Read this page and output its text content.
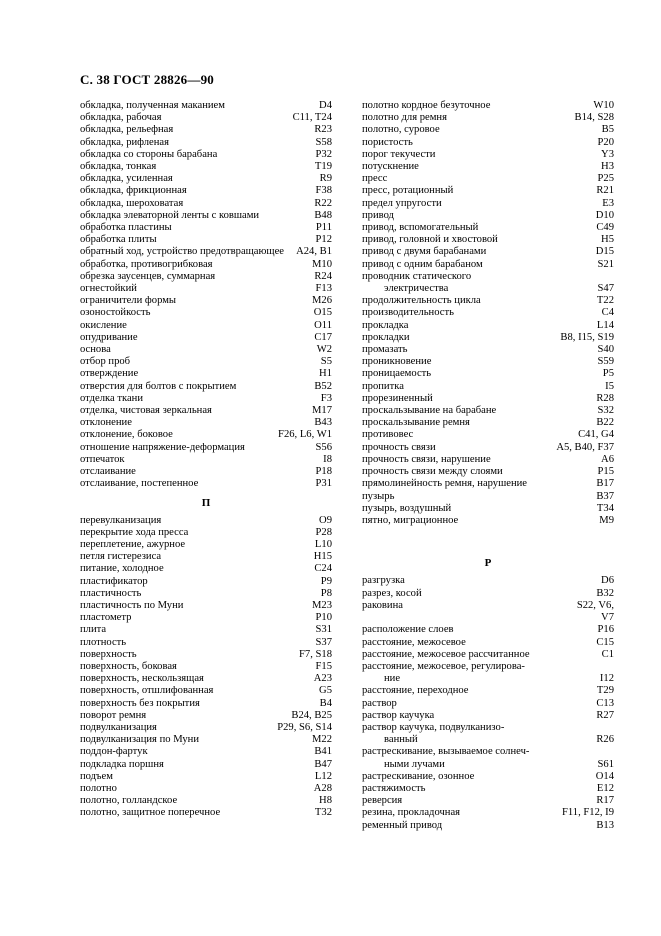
С. 38 ГОСТ 28826—90
обкладка, полученная маканием	D4
обкладка, рабочая	C11, T24
обкладка, рельефная	R23
обкладка, рифленая	S58
обкладка со стороны барабана	P32
обкладка, тонкая	T19
обкладка, усиленная	R9
обкладка, фрикционная	F38
обкладка, шероховатая	R22
обкладка элеваторной ленты с ковшами	B48
обработка пластины	P11
обработка плиты	P12
обратный ход, устройство предотвращающее	A24, B1
обработка, противогрибковая	M10
обрезка заусенцев, суммарная	R24
огнестойкий	F13
ограничители формы	M26
озоностойкость	O15
окисление	O11
опудривание	C17
основа	W2
отбор проб	S5
отверждение	H1
отверстия для болтов с покрытием	B52
отделка ткани	F3
отделка, чистовая зеркальная	M17
отклонение	B43
отклонение, боковое	F26, L6, W1
отношение напряжение-деформация	S56
отпечаток	I8
отслаивание	P18
отслаивание, постепенное	P31
П
перевулканизация	O9
перекрытие хода пресса	P28
переплетение, ажурное	L10
петля гистерезиса	H15
питание, холодное	C24
пластификатор	P9
пластичность	P8
пластичность по Муни	M23
пластометр	P10
плита	S31
плотность	S37
поверхность	F7, S18
поверхность, боковая	F15
поверхность, нескользящая	A23
поверхность, отшлифованная	G5
поверхность без покрытия	B4
поворот ремня	B24, B25
подвулканизация	P29, S6, S14
подвулканизация по Муни	M22
поддон-фартук	B41
подкладка поршня	B47
подъем	L12
полотно	A28
полотно, голландское	H8
полотно, защитное поперечное	T32
полотно кордное безуточное	W10
полотно для ремня	B14, S28
полотно, суровое	B5
пористость	P20
порог текучести	Y3
потускнение	H3
пресс	P25
пресс, ротационный	R21
предел упругости	E3
привод	D10
привод, вспомогательный	C49
привод, головной и хвостовой	H5
привод с двумя барабанами	D15
привод с одним барабаном	S21
проводник статического
электричества	S47
продолжительность цикла	T22
производительность	C4
прокладка	L14
прокладки	B8, I15, S19
промазать	S40
проникновение	S59
проницаемость	P5
пропитка	I5
прорезиненный	R28
проскальзывание на барабане	S32
проскальзывание ремня	B22
противовес	C41, G4
прочность связи	A5, B40, F37
прочность связи, нарушение	A6
прочность связи между слоями	P15
прямолинейность ремня, нарушение	B17
пузырь	B37
пузырь, воздушный	T34
пятно, миграционное	M9
Р
разгрузка	D6
разрез, косой	B32
раковина	S22, V6,
V7
расположение слоев	P16
расстояние, межосевое	C15
расстояние, межосевое рассчитанное	C1
расстояние, межосевое, регулирова-
ние	I12
расстояние, переходное	T29
раствор	C13
раствор каучука	R27
раствор каучука, подвулканизо-
ванный	R26
растрескивание, вызываемое солнеч-
ными лучами	S61
растрескивание, озонное	O14
растяжимость	E12
реверсия	R17
резина, прокладочная	F11, F12, I9
ременный привод	B13
